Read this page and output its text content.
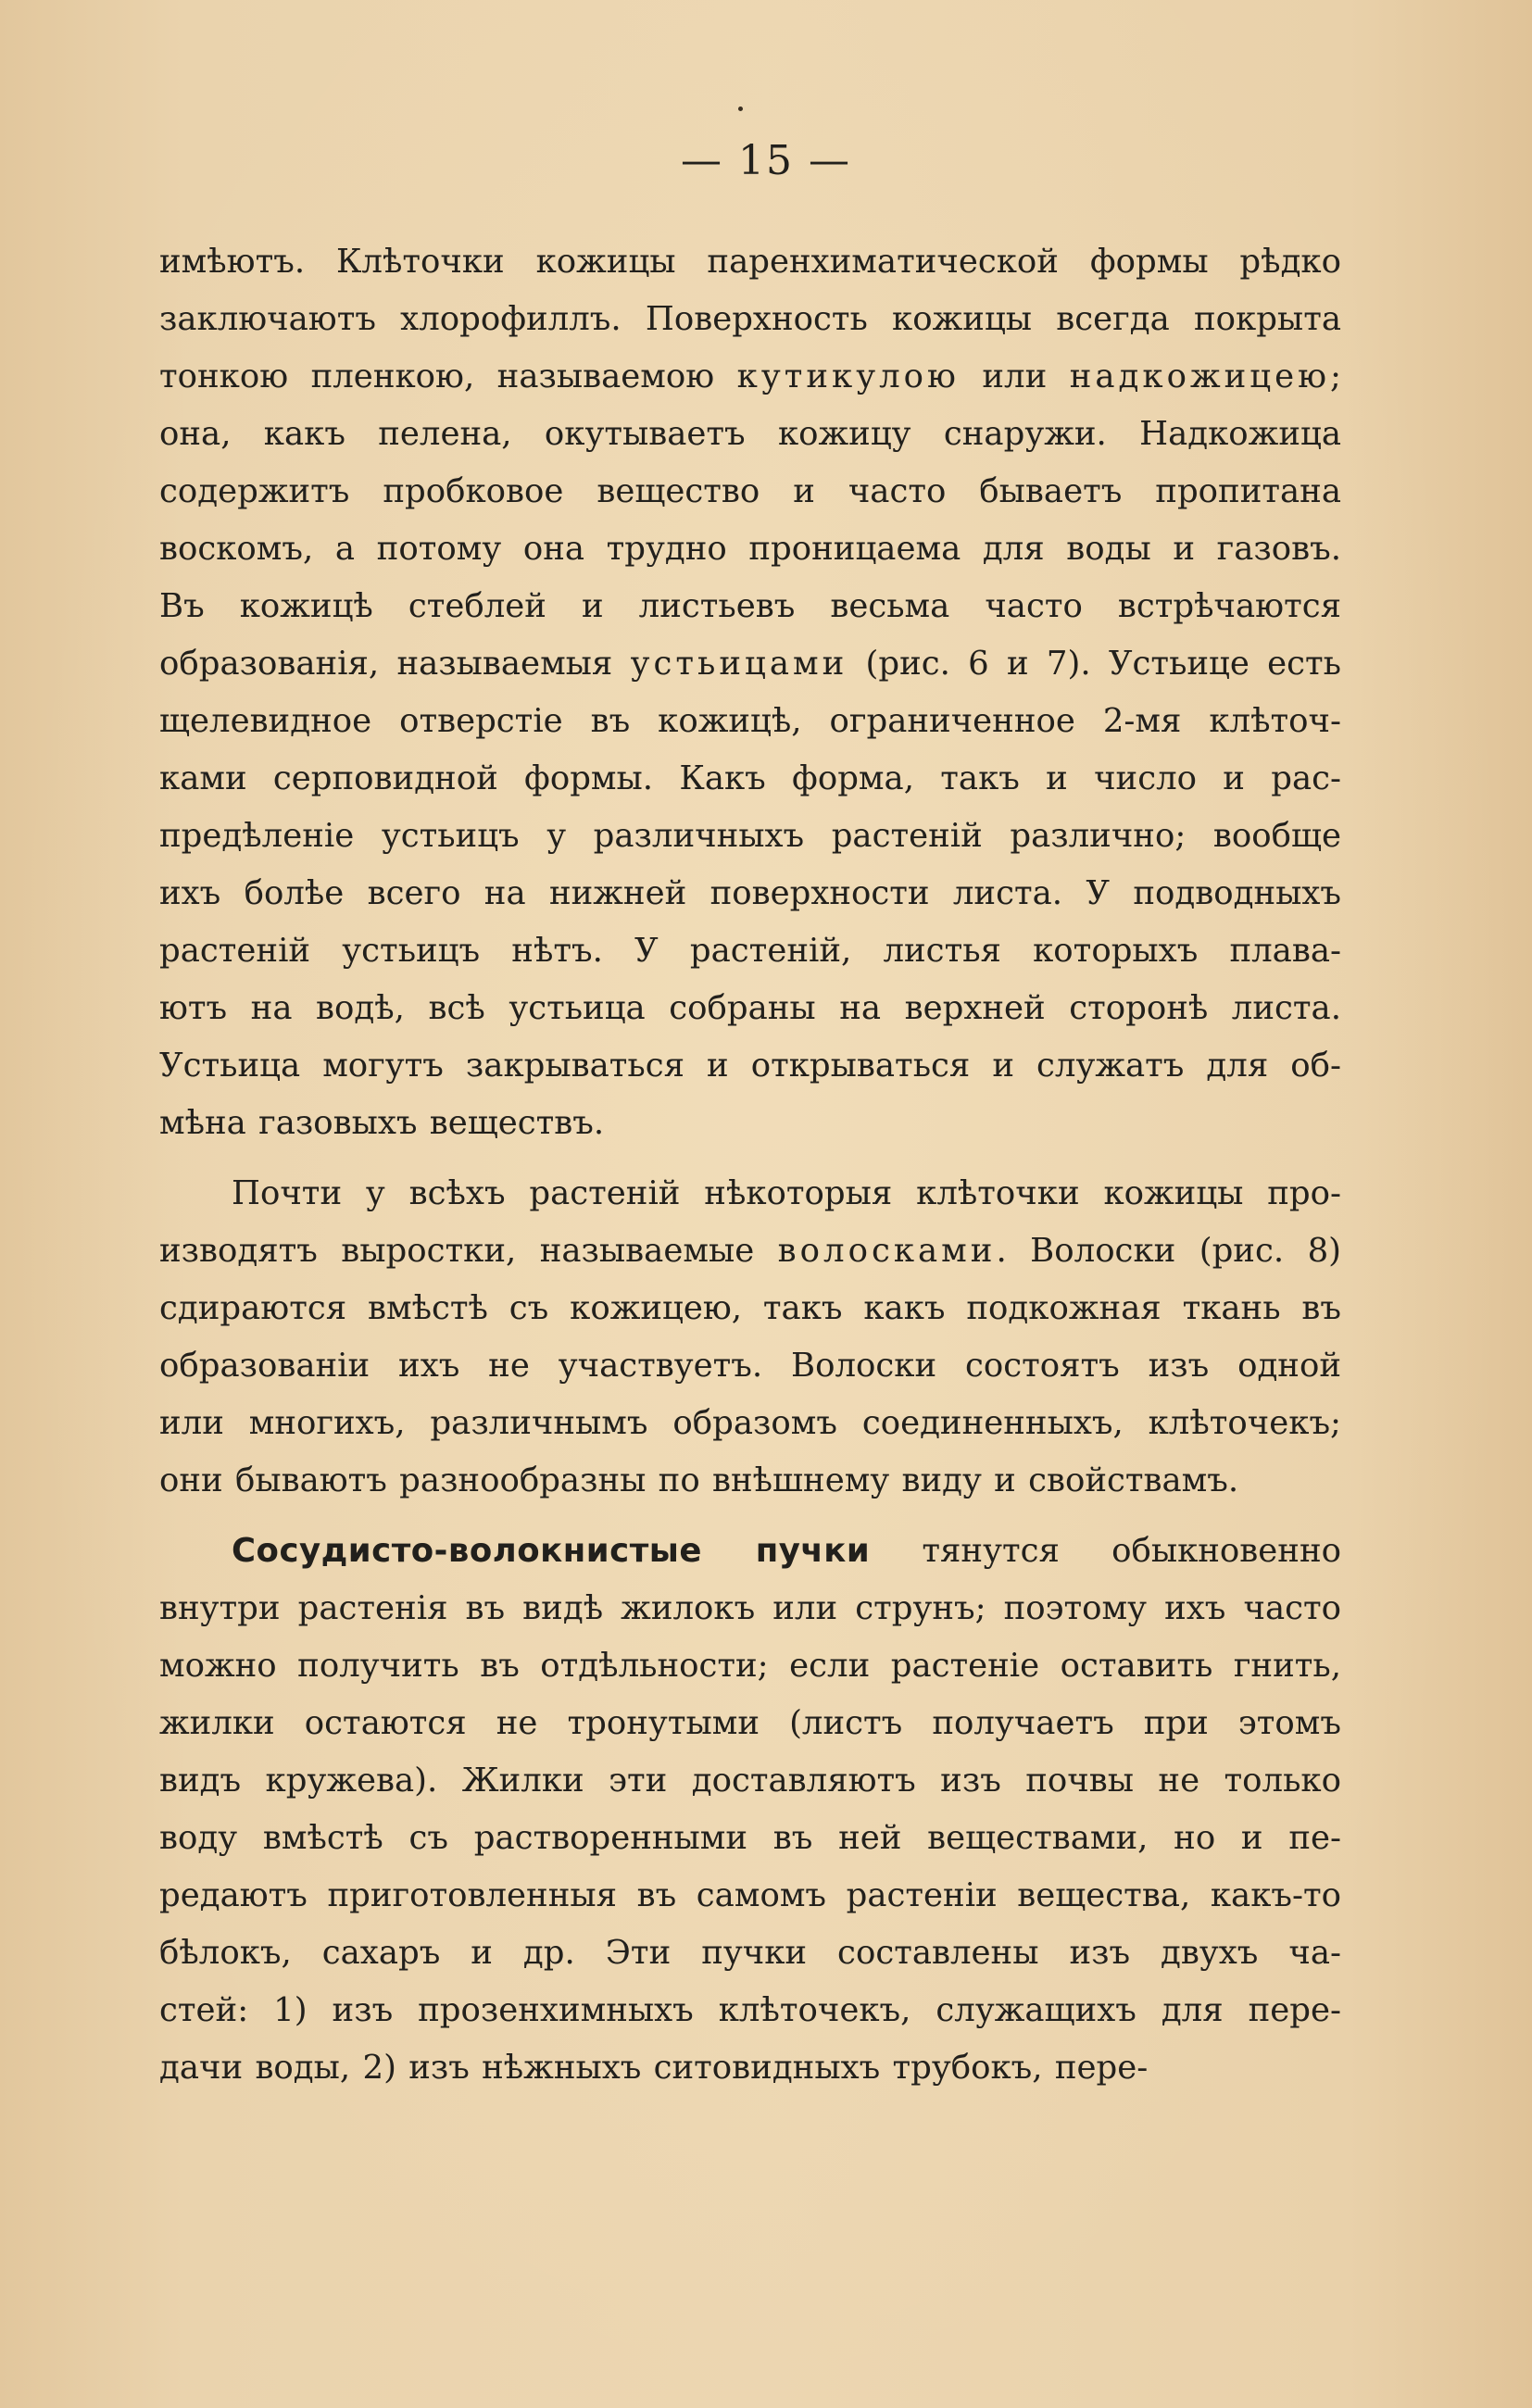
— 15 —
имѣютъ. Клѣточки кожицы паренхиматической формы рѣдко
заключаютъ хлорофиллъ. Поверхность кожицы всегда покрыта
тонкою пленкою, называемою кутикулою или надкожицею;
она, какъ пелена, окутываетъ кожицу снаружи. Надкожица
содержитъ пробковое вещество и часто бываетъ пропитана
воскомъ, а потому она трудно проницаема для воды и газовъ.
Въ кожицѣ стеблей и листьевъ весьма часто встрѣчаются
образованія, называемыя устьицами (рис. 6 и 7). Устьице есть
щелевидное отверстіе въ кожицѣ, ограниченное 2-мя клѣточ-
ками серповидной формы. Какъ форма, такъ и число и рас-
предѣленіе устьицъ у различныхъ растеній различно; вообще
ихъ болѣе всего на нижней поверхности листа. У подводныхъ
растеній устьицъ нѣтъ. У растеній, листья которыхъ плава-
ютъ на водѣ, всѣ устьица собраны на верхней сторонѣ листа.
Устьица могутъ закрываться и открываться и служатъ для об-
мѣна газовыхъ веществъ.
Почти у всѣхъ растеній нѣкоторыя клѣточки кожицы про-
изводятъ выростки, называемые волосками. Волоски (рис. 8)
сдираются вмѣстѣ съ кожицею, такъ какъ подкожная ткань въ
образованіи ихъ не участвуетъ. Волоски состоятъ изъ одной
или многихъ, различнымъ образомъ соединенныхъ, клѣточекъ;
они бываютъ разнообразны по внѣшнему виду и свойствамъ.
Сосудисто-волокнистые пучки тянутся обыкновенно
внутри растенія въ видѣ жилокъ или струнъ; поэтому ихъ часто
можно получить въ отдѣльности; если растеніе оставить гнить,
жилки остаются не тронутыми (листъ получаетъ при этомъ
видъ кружева). Жилки эти доставляютъ изъ почвы не только
воду вмѣстѣ съ растворенными въ ней веществами, но и пе-
редаютъ приготовленныя въ самомъ растеніи вещества, какъ-то
бѣлокъ, сахаръ и др. Эти пучки составлены изъ двухъ ча-
стей: 1) изъ прозенхимныхъ клѣточекъ, служащихъ для пере-
дачи воды, 2) изъ нѣжныхъ ситовидныхъ трубокъ, пере-
